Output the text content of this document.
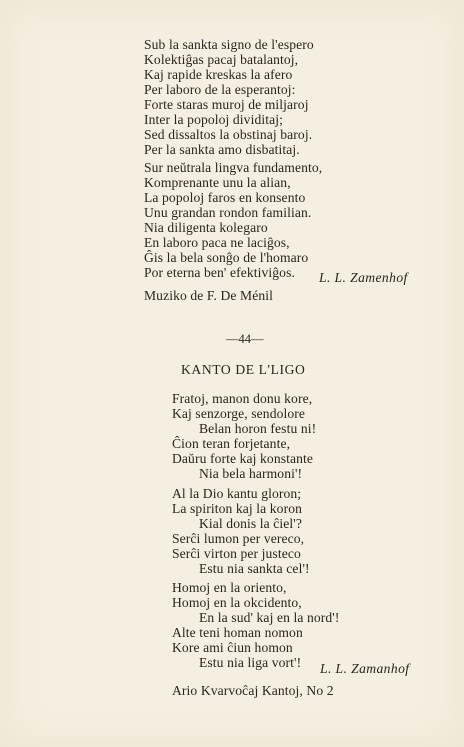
Sub la sankta signo de l'espero
Kolektiĝas pacaj batalantoj,
Kaj rapide kreskas la afero
Per laboro de la esperantoj:
Forte staras muroj de miljaroj
Inter la popoloj dividitaj;
Sed dissaltos la obstinaj baroj.
Per la sankta amo disbatitaj.
Sur neŭtrala lingva fundamento,
Komprenante unu la alian,
La popoloj faros en konsento
Unu grandan rondon familian.
Nia diligenta kolegaro
En laboro paca ne laciĝos,
Ĝis la bela sonĝo de l'homaro
Por eterna ben' efektiviĝos. L. L. Zamenhof
Muziko de F. De Ménil
—44—
KANTO DE L'LIGO
Fratoj, manon donu kore,
Kaj senzorge, sendolore
Belan horon festu ni!
Ĉion teran forjetante,
Daŭru forte kaj konstante
Nia bela harmoni'!
Al la Dio kantu gloron;
La spiriton kaj la koron
Kial donis la ĉiel'?
Serĉi lumon per vereco,
Serĉi virton per justeco
Estu nia sankta cel'!
Homoj en la oriento,
Homoj en la okcidento,
En la sud' kaj en la nord'!
Alte teni homan nomon
Kore ami ĉiun homon
Estu nia liga vort'! L. L. Zamanhof
Ario Kvarvoĉaj Kantoj, No 2
